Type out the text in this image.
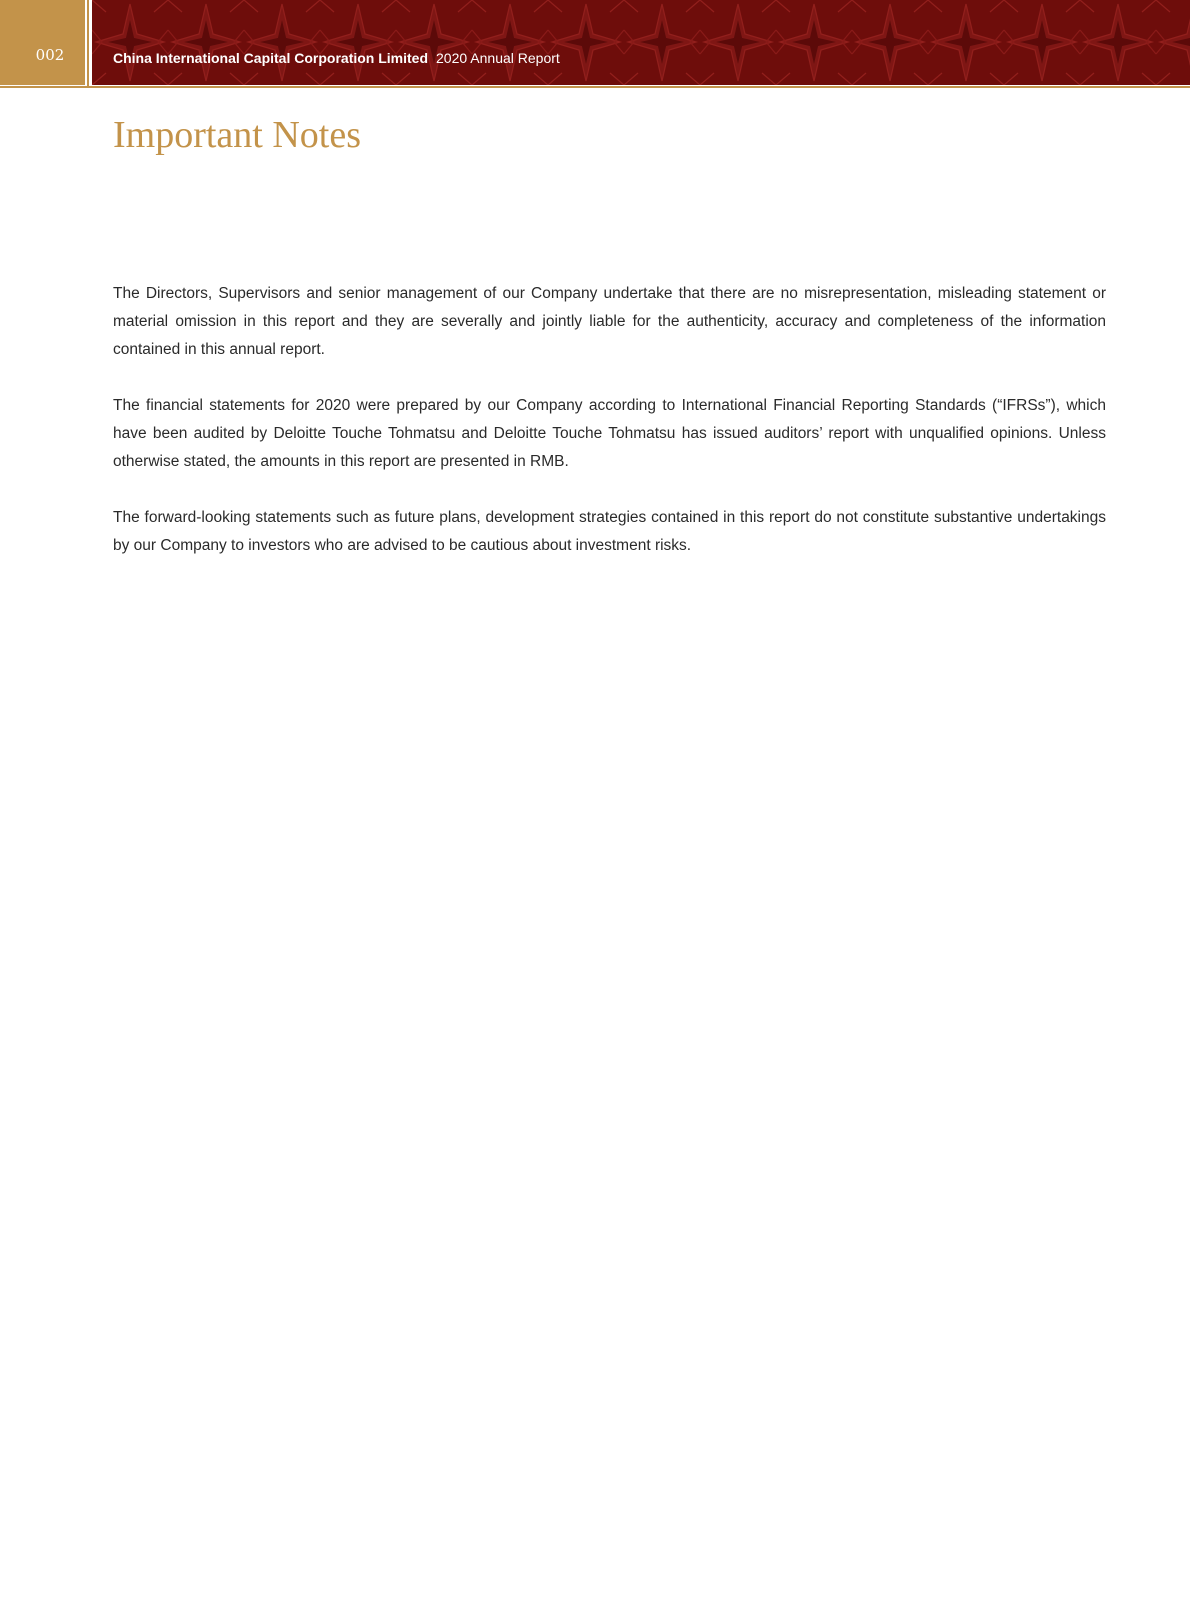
002	China International Capital Corporation Limited 2020 Annual Report
Important Notes

The Directors, Supervisors and senior management of our Company undertake that there are no misrepresentation, misleading statement or material omission in this report and they are severally and jointly liable for the authenticity, accuracy and completeness of the information contained in this annual report.

The financial statements for 2020 were prepared by our Company according to International Financial Reporting Standards (“IFRSs”), which have been audited by Deloitte Touche Tohmatsu and Deloitte Touche Tohmatsu has issued auditors’ report with unqualified opinions. Unless otherwise stated, the amounts in this report are presented in RMB.

The forward-looking statements such as future plans, development strategies contained in this report do not constitute substantive undertakings by our Company to investors who are advised to be cautious about investment risks.
